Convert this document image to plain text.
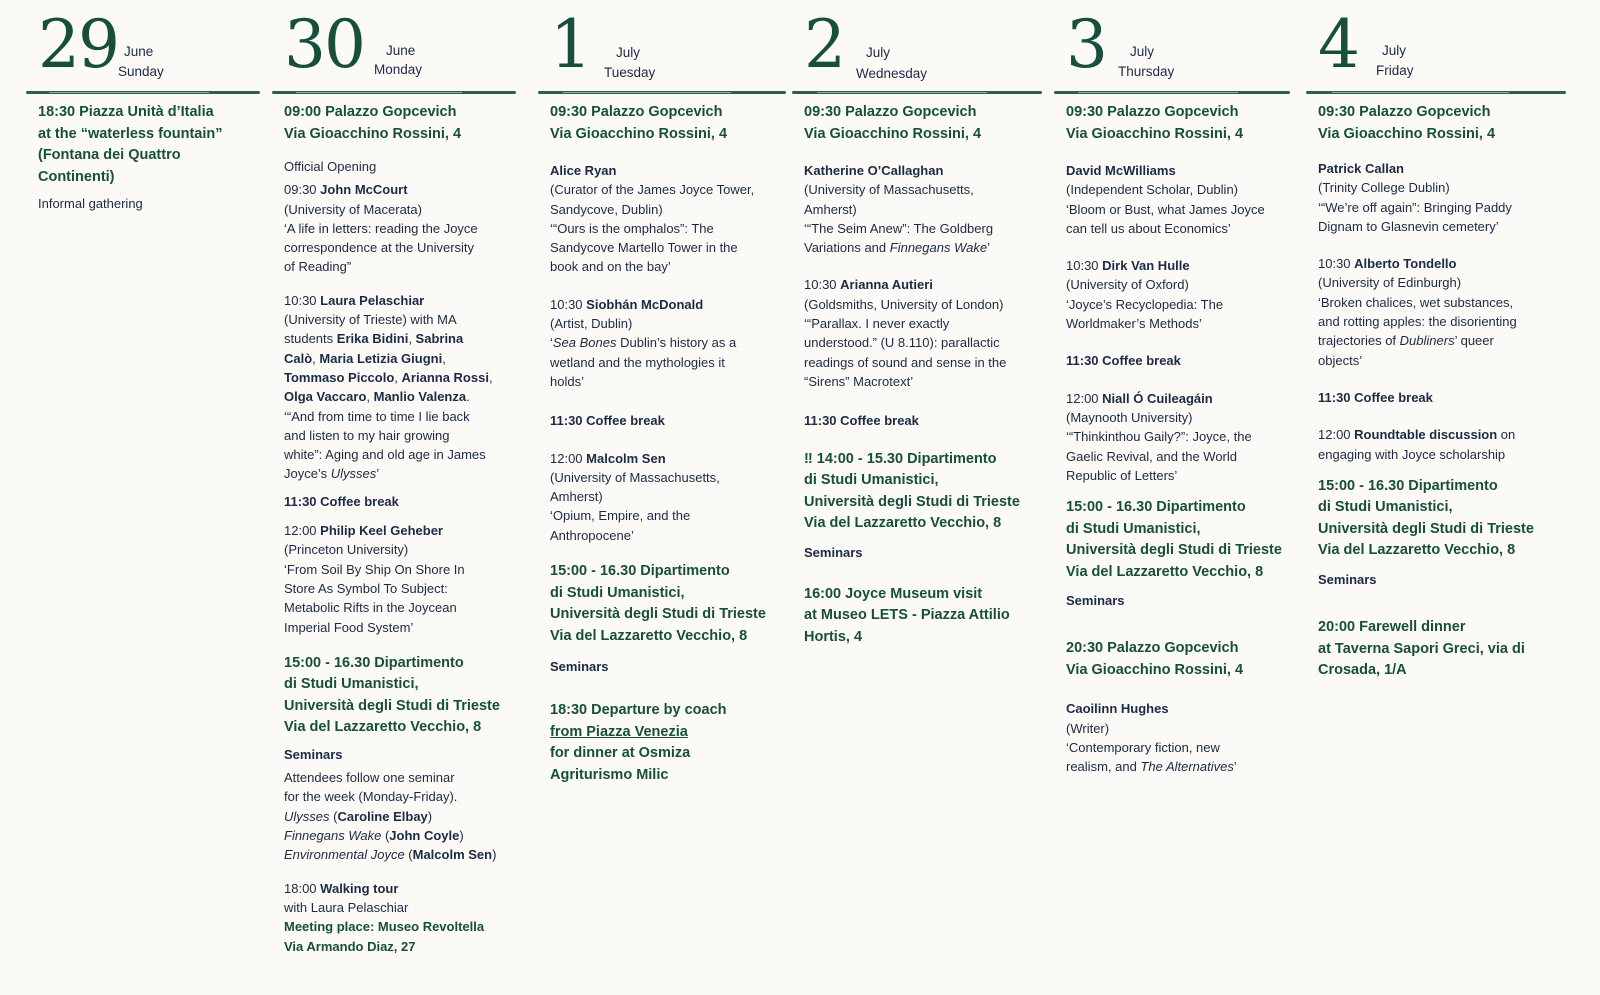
29 June
Sunday
18:30 Piazza Unità d’Italia
at the “waterless fountain”
(Fontana dei Quattro
Continenti)
Informal gathering
30 June
Monday
09:00 Palazzo Gopcevich
Via Gioacchino Rossini, 4
Official Opening
09:30 John McCourt
(University of Macerata)
‘A life in letters: reading the Joyce
correspondence at the University
of Reading”
10:30 Laura Pelaschiar
(University of Trieste) with MA
students Erika Bidini, Sabrina
Calò, Maria Letizia Giugni,
Tommaso Piccolo, Arianna Rossi,
Olga Vaccaro, Manlio Valenza.
‘“And from time to time I lie back
and listen to my hair growing
white”: Aging and old age in James
Joyce’s Ulysses’
11:30 Coffee break
12:00 Philip Keel Geheber
(Princeton University)
‘From Soil By Ship On Shore In
Store As Symbol To Subject:
Metabolic Rifts in the Joycean
Imperial Food System’
15:00 - 16.30 Dipartimento
di Studi Umanistici,
Università degli Studi di Trieste
Via del Lazzaretto Vecchio, 8
Seminars
Attendees follow one seminar
for the week (Monday-Friday).
Ulysses (Caroline Elbay)
Finnegans Wake (John Coyle)
Environmental Joyce (Malcolm Sen)
18:00 Walking tour
with Laura Pelaschiar
Meeting place: Museo Revoltella
Via Armando Diaz, 27
1 July
Tuesday
09:30 Palazzo Gopcevich
Via Gioacchino Rossini, 4
Alice Ryan
(Curator of the James Joyce Tower,
Sandycove, Dublin)
‘“Ours is the omphalos”: The
Sandycove Martello Tower in the
book and on the bay’
10:30 Siobhán McDonald
(Artist, Dublin)
‘Sea Bones Dublin’s history as a
wetland and the mythologies it
holds’
11:30 Coffee break
12:00 Malcolm Sen
(University of Massachusetts,
Amherst)
‘Opium, Empire, and the
Anthropocene’
15:00 - 16.30 Dipartimento
di Studi Umanistici,
Università degli Studi di Trieste
Via del Lazzaretto Vecchio, 8
Seminars
18:30 Departure by coach
from Piazza Venezia
for dinner at Osmiza
Agriturismo Milic
2 July
Wednesday
09:30 Palazzo Gopcevich
Via Gioacchino Rossini, 4
Katherine O’Callaghan
(University of Massachusetts,
Amherst)
‘“The Seim Anew”: The Goldberg
Variations and Finnegans Wake’
10:30 Arianna Autieri
(Goldsmiths, University of London)
‘“Parallax. I never exactly
understood.” (U 8.110): parallactic
readings of sound and sense in the
“Sirens” Macrotext’
11:30 Coffee break
‼ 14:00 - 15.30 Dipartimento
di Studi Umanistici,
Università degli Studi di Trieste
Via del Lazzaretto Vecchio, 8
Seminars
16:00 Joyce Museum visit
at Museo LETS - Piazza Attilio
Hortis, 4
3 July
Thursday
09:30 Palazzo Gopcevich
Via Gioacchino Rossini, 4
David McWilliams
(Independent Scholar, Dublin)
‘Bloom or Bust, what James Joyce
can tell us about Economics’
10:30 Dirk Van Hulle
(University of Oxford)
‘Joyce’s Recyclopedia: The
Worldmaker’s Methods’
11:30 Coffee break
12:00 Niall Ó Cuileagáin
(Maynooth University)
‘“Thinkinthou Gaily?”: Joyce, the
Gaelic Revival, and the World
Republic of Letters’
15:00 - 16.30 Dipartimento
di Studi Umanistici,
Università degli Studi di Trieste
Via del Lazzaretto Vecchio, 8
Seminars
20:30 Palazzo Gopcevich
Via Gioacchino Rossini, 4
Caoilinn Hughes
(Writer)
‘Contemporary fiction, new
realism, and The Alternatives’
4 July
Friday
09:30 Palazzo Gopcevich
Via Gioacchino Rossini, 4
Patrick Callan
(Trinity College Dublin)
‘“We’re off again”: Bringing Paddy
Dignam to Glasnevin cemetery’
10:30 Alberto Tondello
(University of Edinburgh)
‘Broken chalices, wet substances,
and rotting apples: the disorienting
trajectories of Dubliners’ queer
objects’
11:30 Coffee break
12:00 Roundtable discussion on
engaging with Joyce scholarship
15:00 - 16.30 Dipartimento
di Studi Umanistici,
Università degli Studi di Trieste
Via del Lazzaretto Vecchio, 8
Seminars
20:00 Farewell dinner
at Taverna Sapori Greci, via di
Crosada, 1/A
